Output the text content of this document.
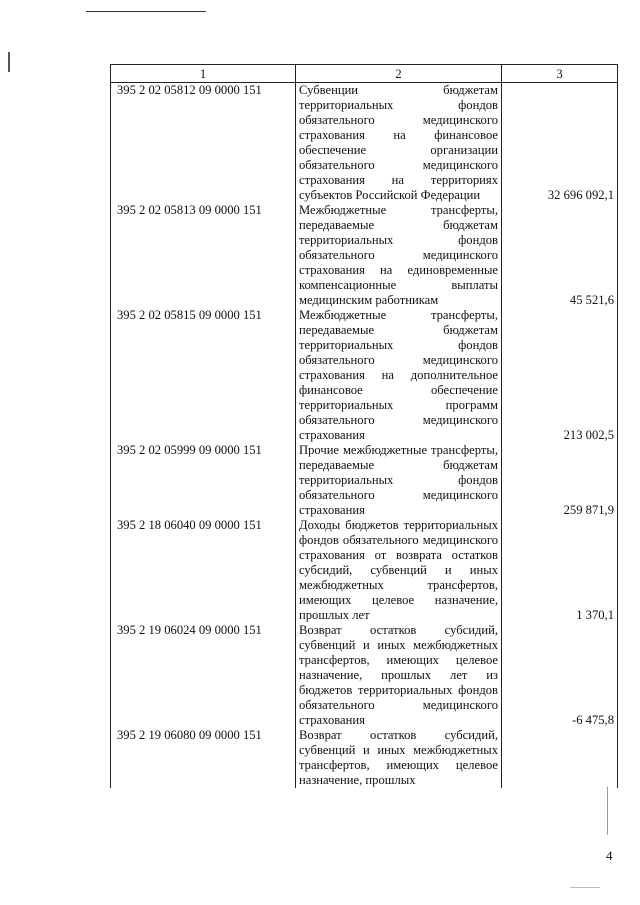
1	2	3
395 2 02 05812 09 0000 151	Субвенции бюджетам территориальных фондов обязательного медицинского страхования на финансовое обеспечение организации обязательного медицинского страхования на территориях субъектов Российской Федерации	32 696 092,1
395 2 02 05813 09 0000 151	Межбюджетные трансферты, передаваемые бюджетам территориальных фондов обязательного медицинского страхования на единовременные компенсационные выплаты медицинским работникам	45 521,6
395 2 02 05815 09 0000 151	Межбюджетные трансферты, передаваемые бюджетам территориальных фондов обязательного медицинского страхования на дополнительное финансовое обеспечение территориальных программ обязательного медицинского страхования	213 002,5
395 2 02 05999 09 0000 151	Прочие межбюджетные трансферты, передаваемые бюджетам территориальных фондов обязательного медицинского страхования	259 871,9
395 2 18 06040 09 0000 151	Доходы бюджетов территориальных фондов обязательного медицинского страхования от возврата остатков субсидий, субвенций и иных межбюджетных трансфертов, имеющих целевое назначение, прошлых лет	1 370,1
395 2 19 06024 09 0000 151	Возврат остатков субсидий, субвенций и иных межбюджетных трансфертов, имеющих целевое назначение, прошлых лет из бюджетов территориальных фондов обязательного медицинского страхования	-6 475,8
395 2 19 06080 09 0000 151	Возврат остатков субсидий, субвенций и иных межбюджетных трансфертов, имеющих целевое назначение, прошлых	
4
